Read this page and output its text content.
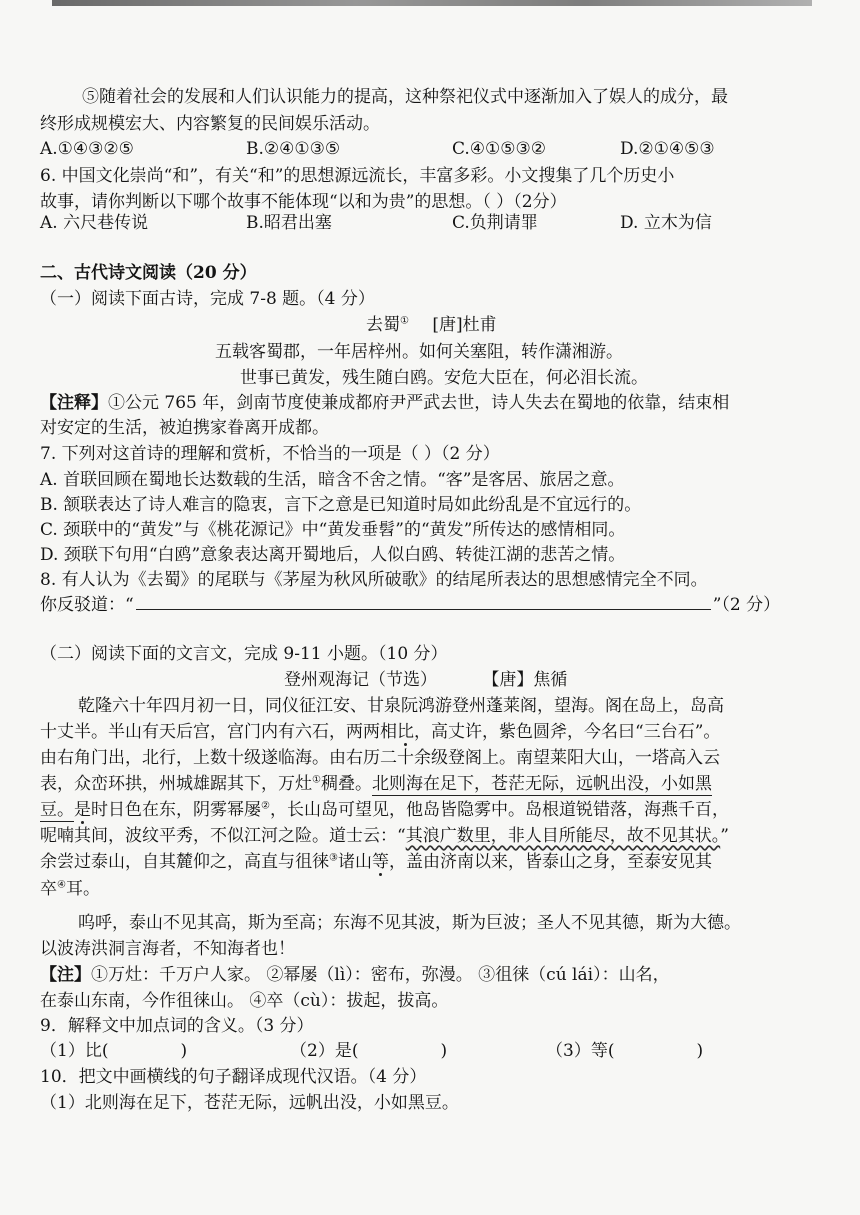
⑤随着社会的发展和人们认识能力的提高，这种祭祀仪式中逐渐加入了娱人的成分，最
终形成规模宏大、内容繁复的民间娱乐活动。
A.①④③②⑤	B.②④①③⑤	C.④①⑤③②	D.②①④⑤③
6. 中国文化崇尚“和”，有关“和”的思想源远流长，丰富多彩。小文搜集了几个历史小
故事，请你判断以下哪个故事不能体现“以和为贵”的思想。（ ）（2分）
A. 六尺巷传说	B.昭君出塞	C.负荆请罪	D. 立木为信
二、古代诗文阅读（20 分）
（一）阅读下面古诗，完成 7-8 题。（4 分）
去蜀① [唐]杜甫
五载客蜀郡，一年居梓州。如何关塞阻，转作潇湘游。
世事已黄发，残生随白鸥。安危大臣在，何必泪长流。
【注释】①公元 765 年，剑南节度使兼成都府尹严武去世，诗人失去在蜀地的依靠，结束相
对安定的生活，被迫携家眷离开成都。
7. 下列对这首诗的理解和赏析，不恰当的一项是（ ）（2 分）
A. 首联回顾在蜀地长达数载的生活，暗含不舍之情。“客”是客居、旅居之意。
B. 颔联表达了诗人难言的隐衷，言下之意是已知道时局如此纷乱是不宜远行的。
C. 颈联中的“黄发”与《桃花源记》中“黄发垂髫”的“黄发”所传达的感情相同。
D. 颈联下句用“白鸥”意象表达离开蜀地后，人似白鸥、转徙江湖的悲苦之情。
8. 有人认为《去蜀》的尾联与《茅屋为秋风所破歌》的结尾所表达的思想感情完全不同。
你反驳道：“	”（2 分）
（二）阅读下面的文言文，完成 9-11 小题。（10 分）
登州观海记（节选）	【唐】焦循
乾隆六十年四月初一日，同仪征江安、甘泉阮鸿游登州蓬莱阁，望海。阁在岛上，岛高
十丈半。半山有天后宫，宫门内有六石，两两相比，高丈许，紫色圆斧，今名曰“三台石”。
由右角门出，北行，上数十级遂临海。由右历二十余级登阁上。南望莱阳大山，一塔高入云
表，众峦环拱，州城雄踞其下，万灶①稠叠。北则海在足下，苍茫无际，远帆出没，小如黑
豆。是时日色在东，阴雾幂屡②，长山岛可望见，他岛皆隐雾中。岛根道锐错落，海燕千百，
呢喃其间，波纹平秀，不似江河之险。道士云：“其浪广数里，非人目所能尽，故不见其状。”
余尝过泰山，自其麓仰之，高直与徂徕③诸山等，盖由济南以来，皆泰山之身，至泰安见其
卒④耳。
呜呼，泰山不见其高，斯为至高；东海不见其波，斯为巨波；圣人不见其德，斯为大德。
以波涛洪洞言海者，不知海者也！
【注】①万灶：千万户人家。 ②幂屡（lì）：密布，弥漫。 ③徂徕（cú lái）：山名，
在泰山东南，今作徂徕山。 ④卒（cù）：拔起，拔高。
9．解释文中加点词的含义。（3 分）
（1）比(	)	（2）是(	)	（3）等(	)
10．把文中画横线的句子翻译成现代汉语。（4 分）
（1）北则海在足下，苍茫无际，远帆出没，小如黑豆。
